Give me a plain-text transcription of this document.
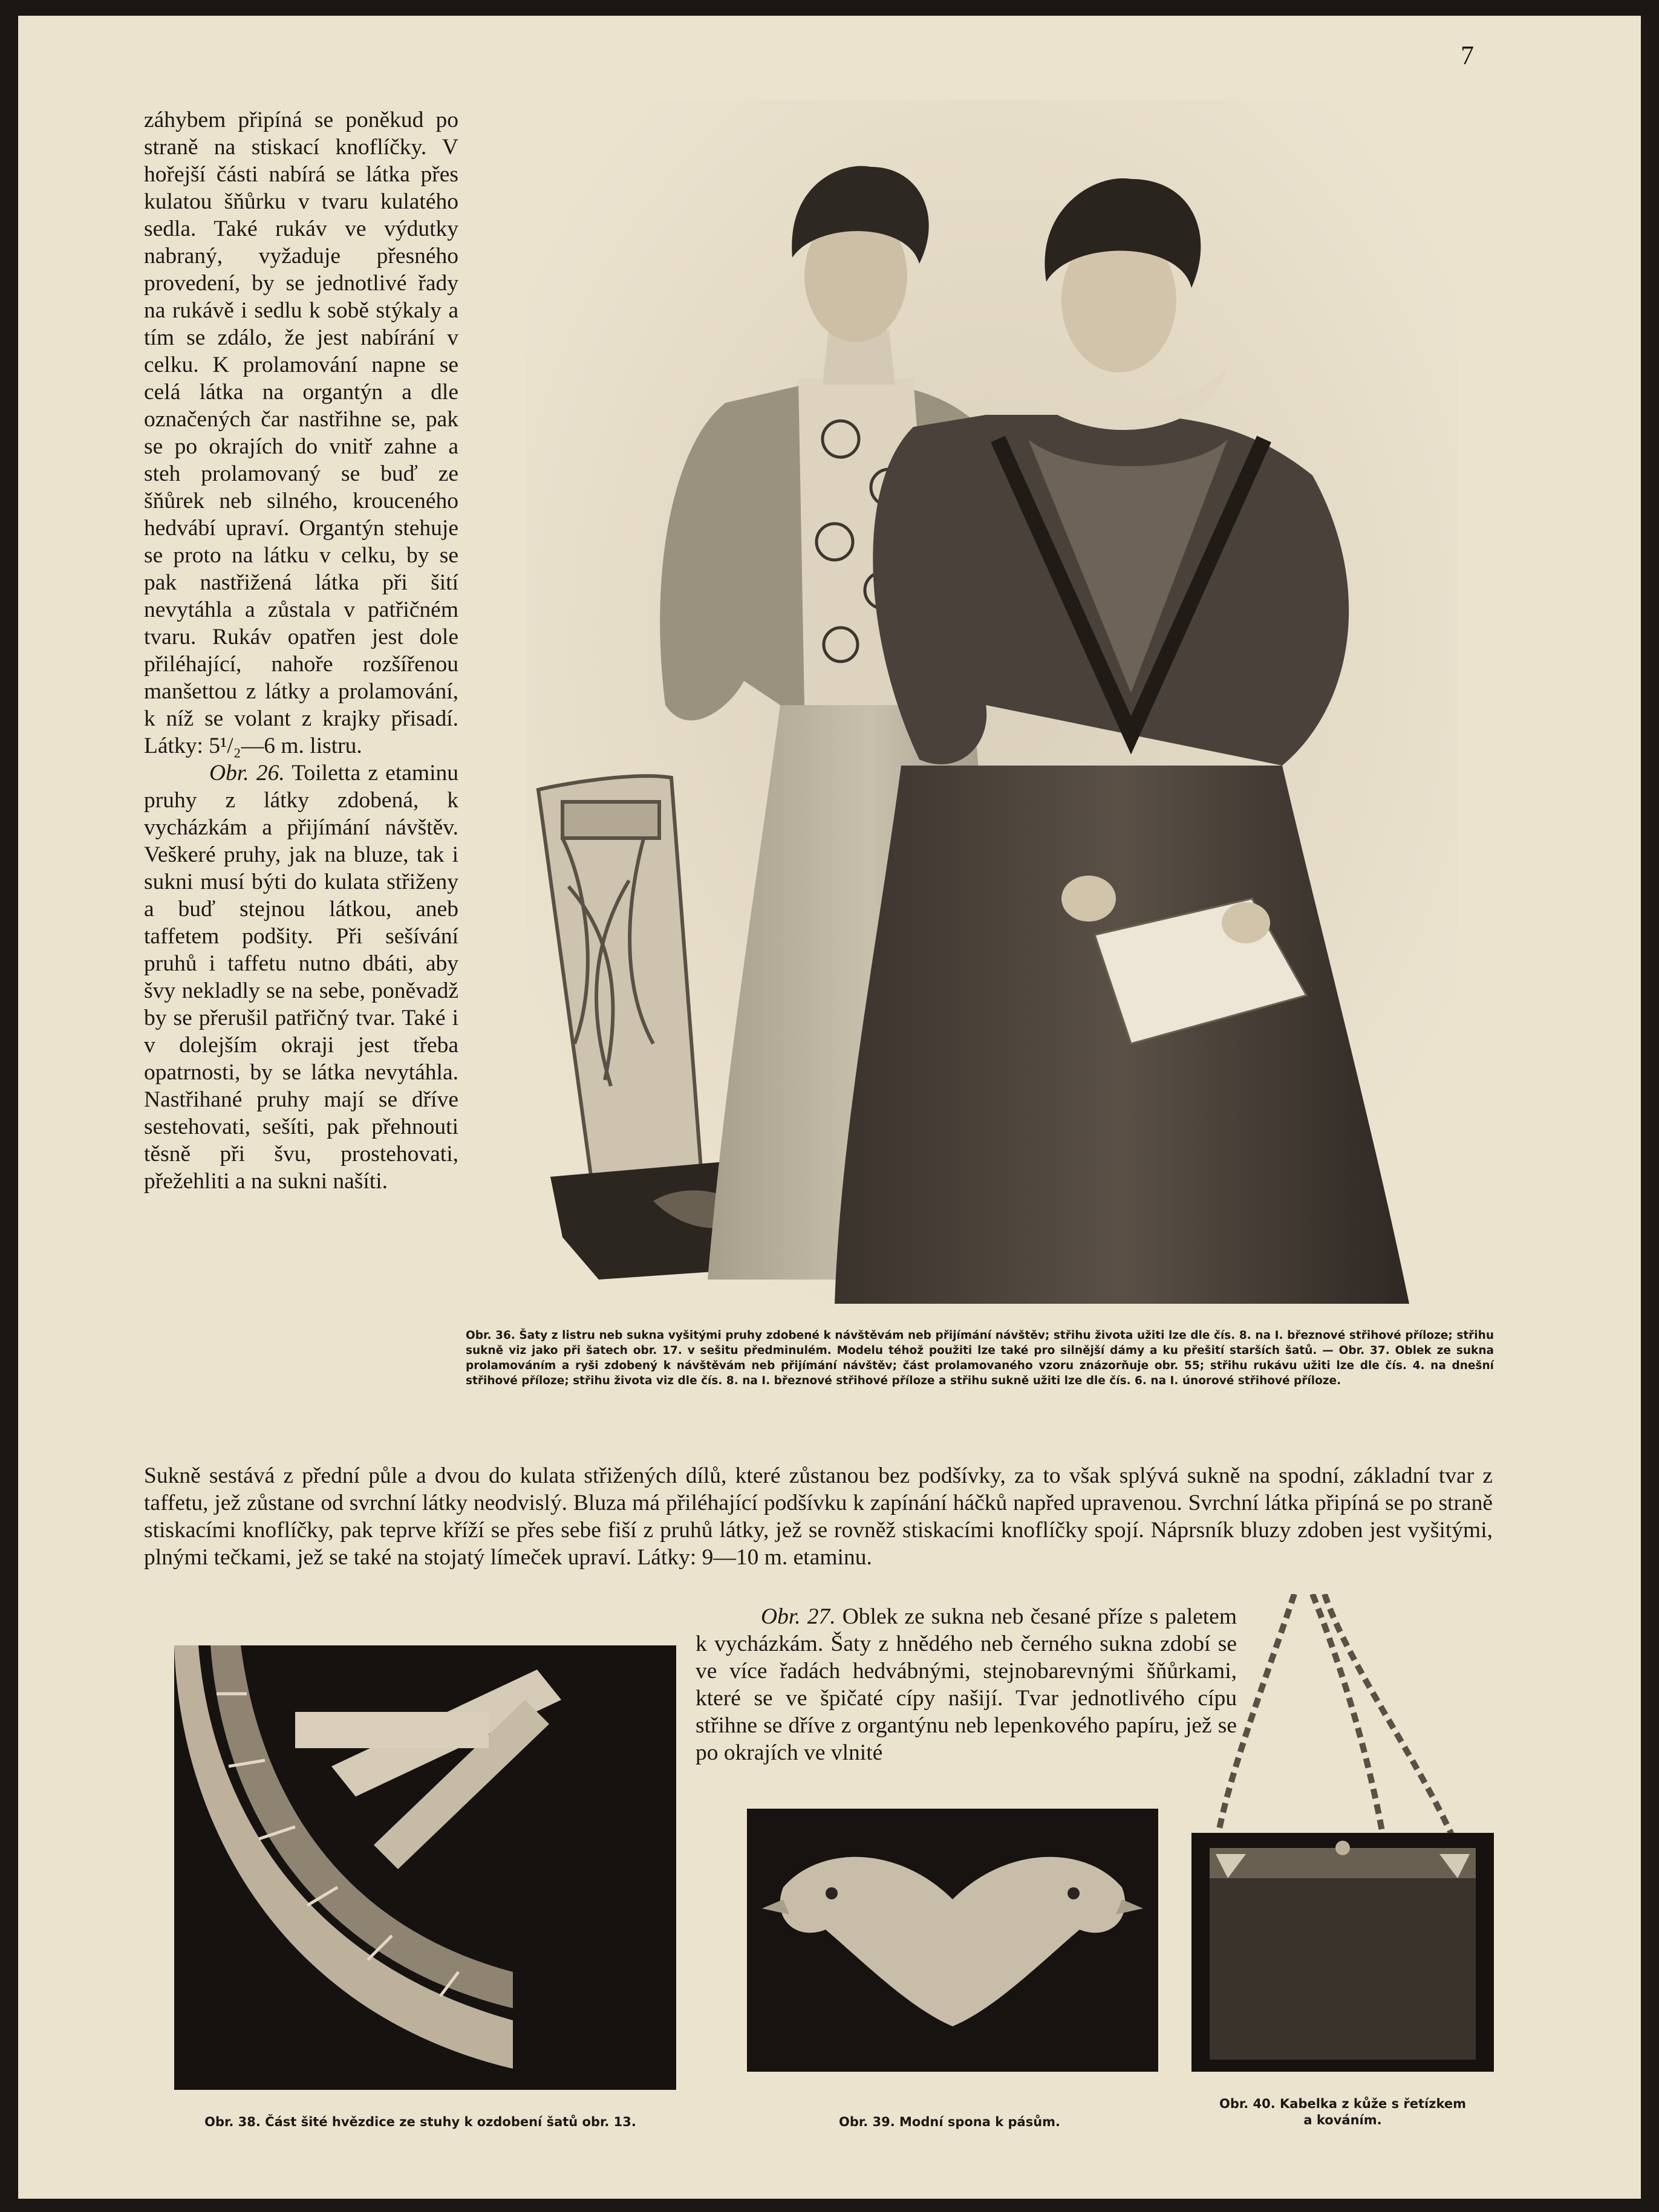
7

záhybem připíná se poněkud po straně na stiskací knoflíčky. V hořejší části nabírá se látka přes kulatou šňůrku v tvaru kulatého sedla. Také rukáv ve výdutky nabraný, vyžaduje přesného provedení, by se jednotlivé řady na rukávě i sedlu k sobě stýkaly a tím se zdálo, že jest nabírání v celku. K prolamování napne se celá látka na organtýn a dle označených čar nastřihne se, pak se po okrajích do vnitř zahne a steh prolamovaný se buď ze šňůrek neb silného, krouceného hedvábí upraví. Organtýn stehuje se proto na látku v celku, by se pak nastřižená látka při šití nevytáhla a zůstala v patřičném tvaru. Rukáv opatřen jest dole přiléhající, nahoře rozšířenou manšettou z látky a prolamování, k níž se volant z krajky přisadí. Látky: 5¹/₂—6 m. listru.

Obr. 26. Toiletta z etaminu pruhy z látky zdobená, k vycházkám a přijímání návštěv. Veškeré pruhy, jak na bluze, tak i sukni musí býti do kulata střiženy a buď stejnou látkou, aneb taffetem podšity. Při sešívání pruhů i taffetu nutno dbáti, aby švy nekladly se na sebe, poněvadž by se přerušil patřičný tvar. Také i v dolejším okraji jest třeba opatrnosti, by se látka nevytáhla. Nastřihané pruhy mají se dříve sestehovati, sešíti, pak přehnouti těsně při švu, prostehovati, přežehliti a na sukni našíti.

Obr. 36. Šaty z listru neb sukna vyšitými pruhy zdobené k návštěvám neb přijímání návštěv; střihu života užiti lze dle čís. 8. na I. březnové střihové příloze; střihu sukně viz jako při šatech obr. 17. v sešitu předminulém. Modelu téhož použiti lze také pro silnější dámy a ku přešití starších šatů. — Obr. 37. Oblek ze sukna prolamováním a ryši zdobený k návštěvám neb přijímání návštěv; část prolamovaného vzoru znázorňuje obr. 55; střihu rukávu užiti lze dle čís. 4. na dnešní střihové příloze; střihu života viz dle čís. 8. na I. březnové střihové příloze a střihu sukně užiti lze dle čís. 6. na I. únorové střihové příloze.

Sukně sestává z přední půle a dvou do kulata střižených dílů, které zůstanou bez podšívky, za to však splývá sukně na spodní, základní tvar z taffetu, jež zůstane od svrchní látky neodvislý. Bluza má přiléhající podšívku k zapínání háčků napřed upravenou. Svrchní látka připíná se po straně stiskacími knoflíčky, pak teprve kříží se přes sebe fiší z pruhů látky, jež se rovněž stiskacími knoflíčky spojí. Náprsník bluzy zdoben jest vyšitými, plnými tečkami, jež se také na stojatý límeček upraví. Látky: 9—10 m. etaminu.

Obr. 27. Oblek ze sukna neb česané příze s paletem k vycházkám. Šaty z hnědého neb černého sukna zdobí se ve více řadách hedvábnými, stejnobarevnými šňůrkami, které se ve špičaté cípy našijí. Tvar jednotlivého cípu střihne se dříve z organtýnu neb lepenkového papíru, jež se po okrajích ve vlnité

Obr. 38. Část šité hvězdice ze stuhy k ozdobení šatů obr. 13.	Obr. 39. Modní spona k pásům.
Obr. 40. Kabelka z kůže s řetízkem
a kováním.
